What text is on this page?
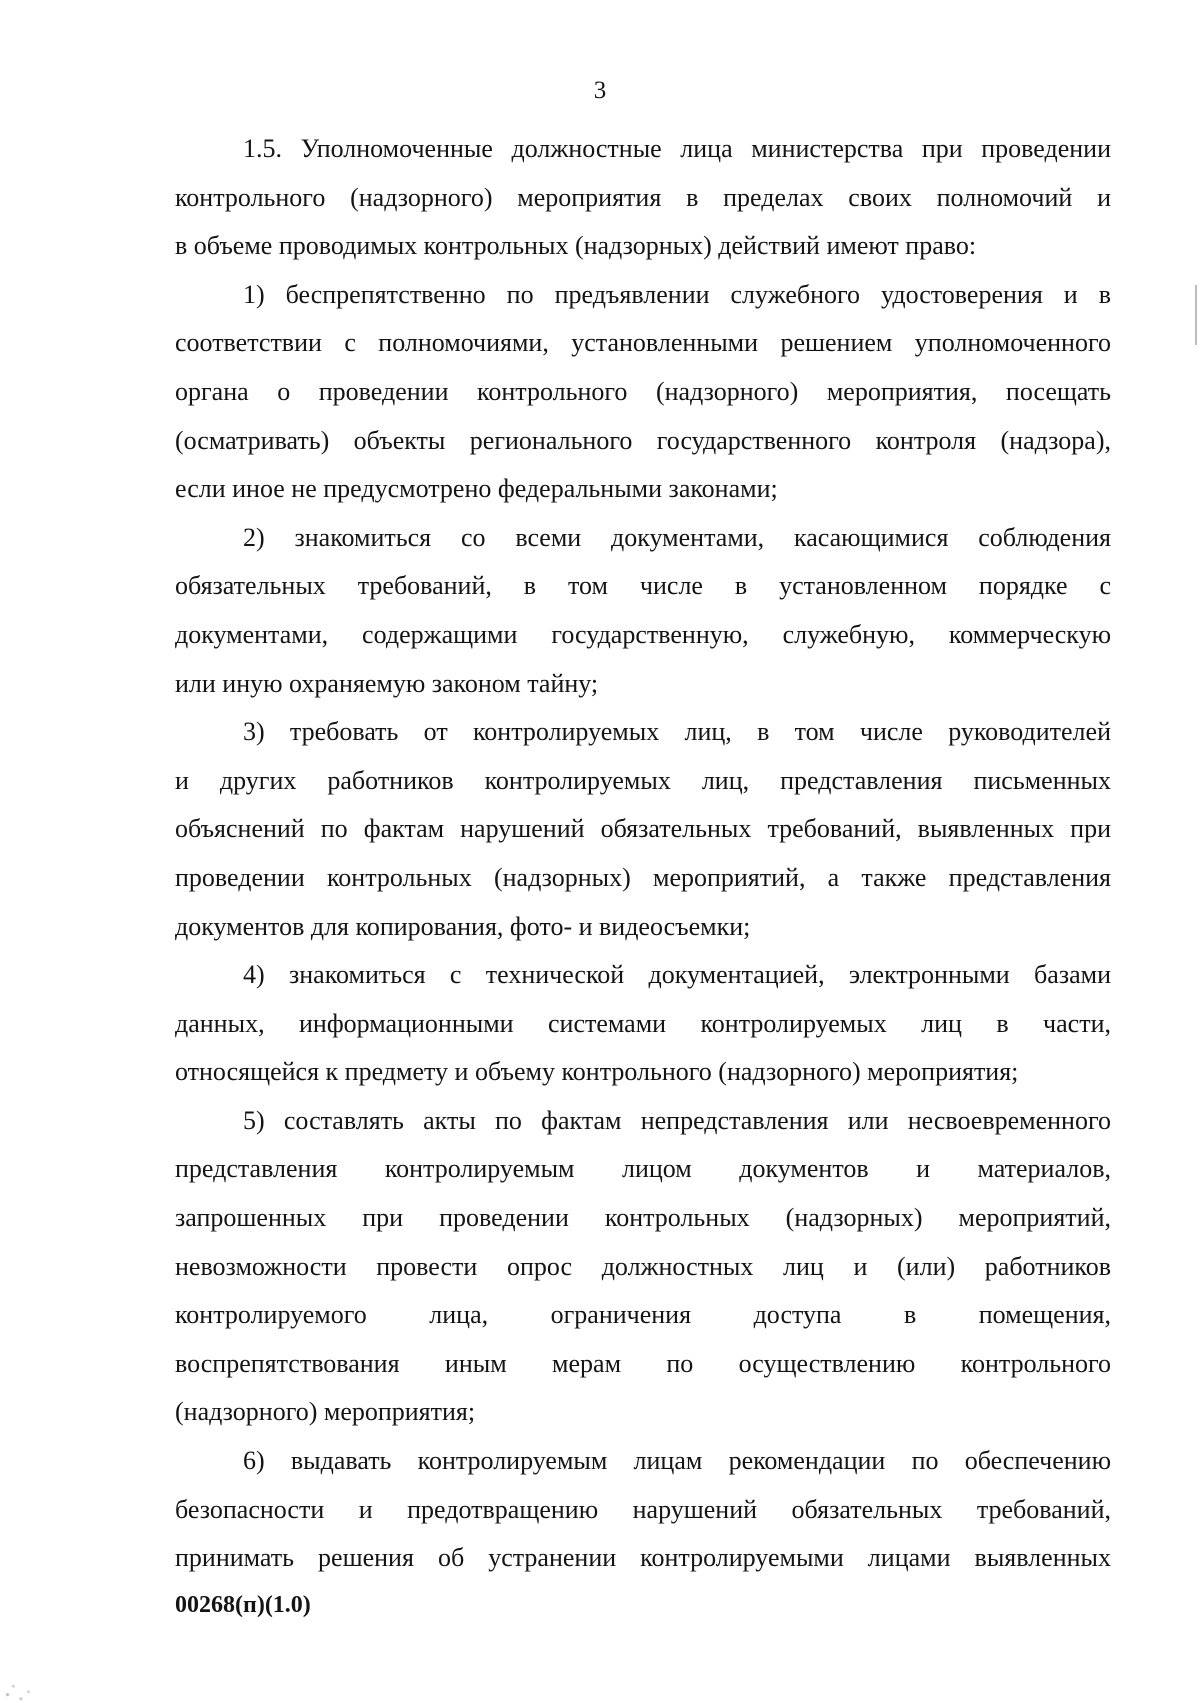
3

1.5. Уполномоченные должностные лица министерства при проведении
контрольного (надзорного) мероприятия в пределах своих полномочий и
в объеме проводимых контрольных (надзорных) действий имеют право:

1) беспрепятственно по предъявлении служебного удостоверения и в
соответствии с полномочиями, установленными решением уполномоченного
органа о проведении контрольного (надзорного) мероприятия, посещать
(осматривать) объекты регионального государственного контроля (надзора),
если иное не предусмотрено федеральными законами;

2) знакомиться со всеми документами, касающимися соблюдения
обязательных требований, в том числе в установленном порядке с
документами, содержащими государственную, служебную, коммерческую
или иную охраняемую законом тайну;

3) требовать от контролируемых лиц, в том числе руководителей
и других работников контролируемых лиц, представления письменных
объяснений по фактам нарушений обязательных требований, выявленных при
проведении контрольных (надзорных) мероприятий, а также представления
документов для копирования, фото- и видеосъемки;

4) знакомиться с технической документацией, электронными базами
данных, информационными системами контролируемых лиц в части,
относящейся к предмету и объему контрольного (надзорного) мероприятия;

5) составлять акты по фактам непредставления или несвоевременного
представления контролируемым лицом документов и материалов,
запрошенных при проведении контрольных (надзорных) мероприятий,
невозможности провести опрос должностных лиц и (или) работников
контролируемого лица, ограничения доступа в помещения,
воспрепятствования иным мерам по осуществлению контрольного
(надзорного) мероприятия;

6) выдавать контролируемым лицам рекомендации по обеспечению
безопасности и предотвращению нарушений обязательных требований,
принимать решения об устранении контролируемыми лицами выявленных

00268(п)(1.0)
